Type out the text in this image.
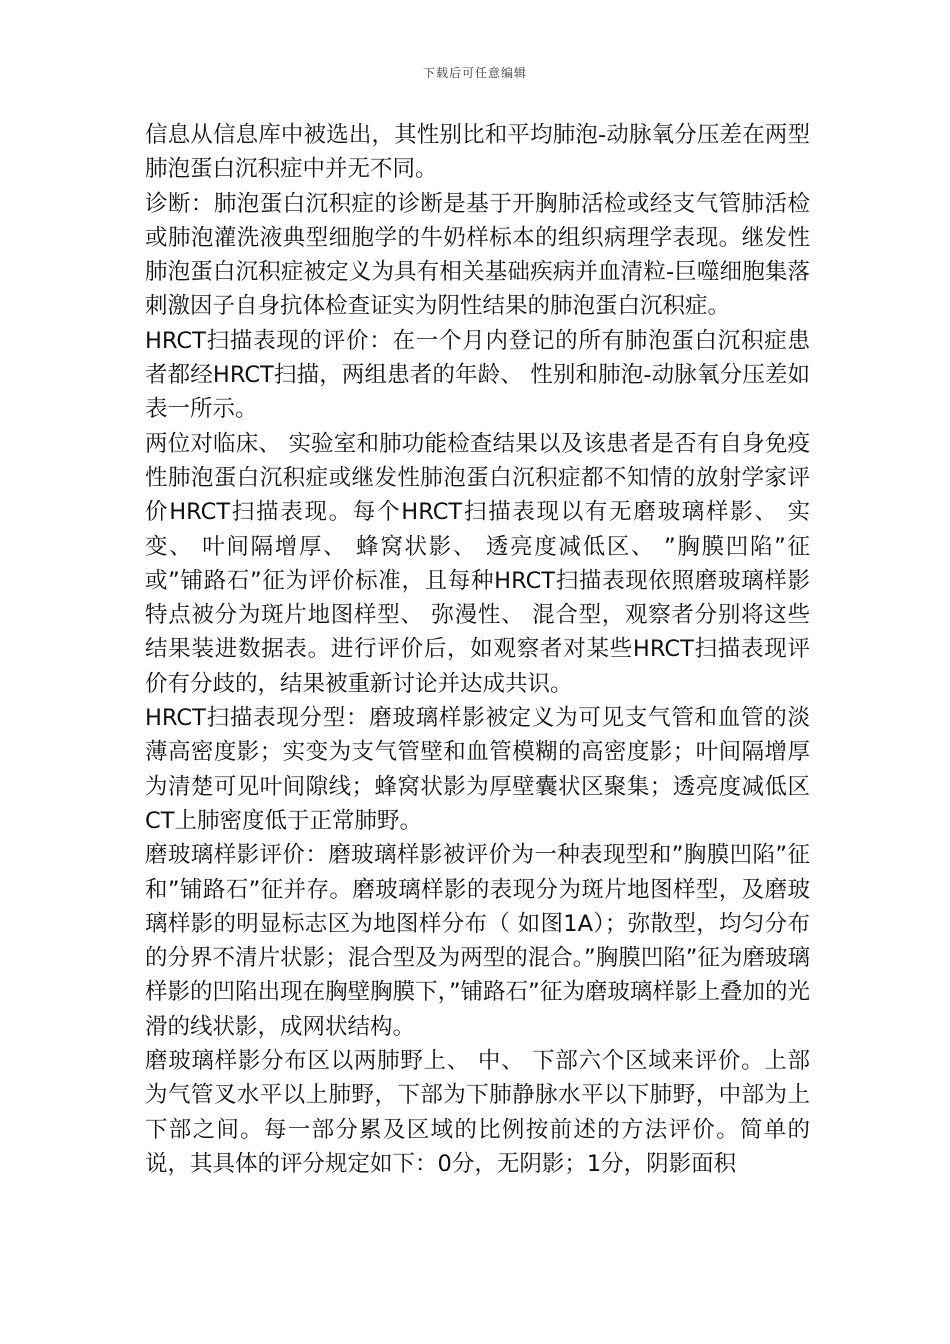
下载后可任意编辑

信息从信息库中被选出，其性别比和平均肺泡-动脉氧分压差在两型肺泡蛋白沉积症中并无不同。

诊断：肺泡蛋白沉积症的诊断是基于开胸肺活检或经支气管肺活检或肺泡灌洗液典型细胞学的牛奶样标本的组织病理学表现。继发性肺泡蛋白沉积症被定义为具有相关基础疾病并血清粒-巨噬细胞集落刺激因子自身抗体检查证实为阴性结果的肺泡蛋白沉积症。

HRCT扫描表现的评价：在一个月内登记的所有肺泡蛋白沉积症患者都经HRCT扫描，两组患者的年龄、 性别和肺泡-动脉氧分压差如表一所示。

两位对临床、 实验室和肺功能检查结果以及该患者是否有自身免疫性肺泡蛋白沉积症或继发性肺泡蛋白沉积症都不知情的放射学家评价HRCT扫描表现。每个HRCT扫描表现以有无磨玻璃样影、 实变、 叶间隔增厚、 蜂窝状影、 透亮度减低区、 ”胸膜凹陷”征或”铺路石”征为评价标准，且每种HRCT扫描表现依照磨玻璃样影特点被分为斑片地图样型、 弥漫性、 混合型，观察者分别将这些结果装进数据表。进行评价后，如观察者对某些HRCT扫描表现评价有分歧的，结果被重新讨论并达成共识。

HRCT扫描表现分型：磨玻璃样影被定义为可见支气管和血管的淡薄高密度影；实变为支气管壁和血管模糊的高密度影；叶间隔增厚为清楚可见叶间隙线；蜂窝状影为厚壁囊状区聚集；透亮度减低区CT上肺密度低于正常肺野。

磨玻璃样影评价：磨玻璃样影被评价为一种表现型和”胸膜凹陷”征和”铺路石”征并存。磨玻璃样影的表现分为斑片地图样型，及磨玻璃样影的明显标志区为地图样分布（ 如图1A）；弥散型，均匀分布的分界不清片状影；混合型及为两型的混合。”胸膜凹陷”征为磨玻璃样影的凹陷出现在胸壁胸膜下，”铺路石”征为磨玻璃样影上叠加的光滑的线状影，成网状结构。

磨玻璃样影分布区以两肺野上、 中、 下部六个区域来评价。上部为气管叉水平以上肺野，下部为下肺静脉水平以下肺野，中部为上下部之间。每一部分累及区域的比例按前述的方法评价。简单的说，其具体的评分规定如下：0分，无阴影；1分，阴影面积
